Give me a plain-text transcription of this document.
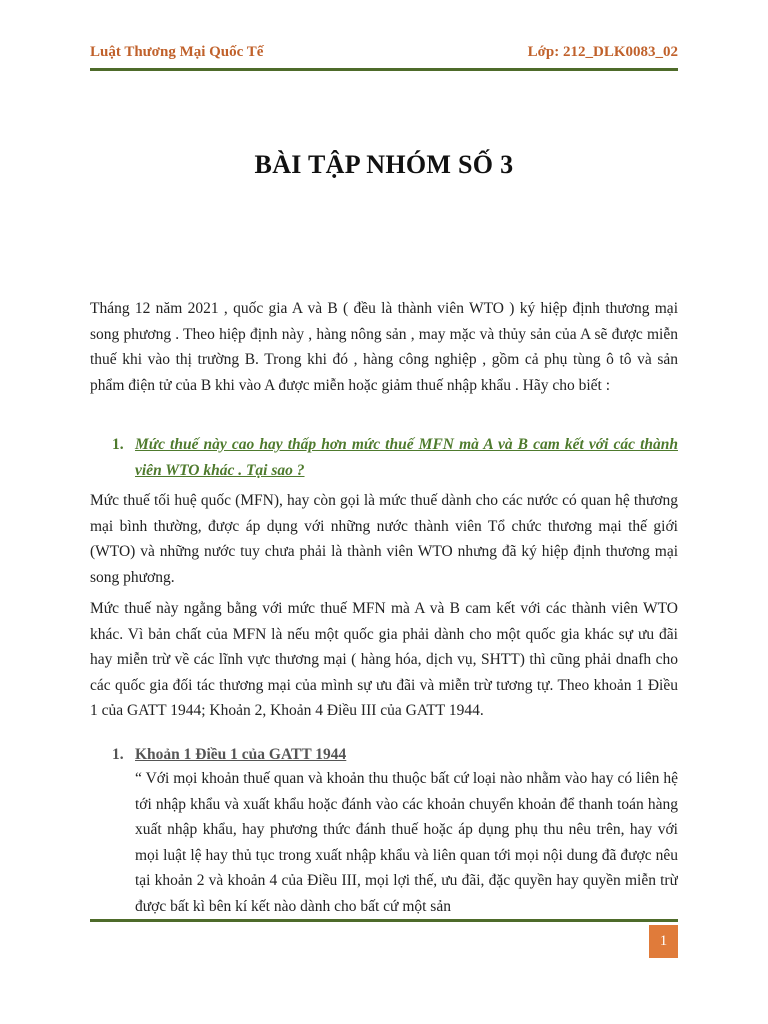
Luật Thương Mại Quốc Tế	Lớp: 212_DLK0083_02
BÀI TẬP NHÓM SỐ 3
Tháng 12 năm 2021 , quốc gia A và B ( đều là thành viên WTO ) ký hiệp định thương mại song phương . Theo hiệp định này , hàng nông sản , may mặc và thủy sản của A sẽ được miễn thuế khi vào thị trường B. Trong khi đó , hàng công nghiệp , gồm cả phụ tùng ô tô và sản phẩm điện tử của B khi vào A được miễn hoặc giảm thuế nhập khẩu . Hãy cho biết :
1. Mức thuế này cao hay thấp hơn mức thuế MFN mà A và B cam kết với các thành viên WTO khác . Tại sao ?
Mức thuế tối huệ quốc (MFN), hay còn gọi là mức thuế dành cho các nước có quan hệ thương mại bình thường, được áp dụng với những nước thành viên Tổ chức thương mại thế giới (WTO) và những nước tuy chưa phải là thành viên WTO nhưng đã ký hiệp định thương mại song phương.
Mức thuế này ngằng bằng với mức thuế MFN mà A và B cam kết với các thành viên WTO khác. Vì bản chất của MFN là nếu một quốc gia phải dành cho một quốc gia khác sự ưu đãi hay miễn trừ về các lĩnh vực thương mại ( hàng hóa, dịch vụ, SHTT) thì cũng phải dnafh cho các quốc gia đối tác thương mại của mình sự ưu đãi và miễn trừ tương tự. Theo khoản 1 Điều 1 của GATT 1944; Khoản 2, Khoản 4 Điều III của GATT 1944.
1. Khoản 1 Điều 1 của GATT 1944
“ Với mọi khoản thuế quan và khoản thu thuộc bất cứ loại nào nhằm vào hay có liên hệ tới nhập khẩu và xuất khẩu hoặc đánh vào các khoản chuyển khoản để thanh toán hàng xuất nhập khẩu, hay phương thức đánh thuế hoặc áp dụng phụ thu nêu trên, hay với mọi luật lệ hay thủ tục trong xuất nhập khẩu và liên quan tới mọi nội dung đã được nêu tại khoản 2 và khoản 4 của Điều III, mọi lợi thế, ưu đãi, đặc quyền hay quyền miễn trừ được bất kì bên kí kết nào dành cho bất cứ một sản
1
